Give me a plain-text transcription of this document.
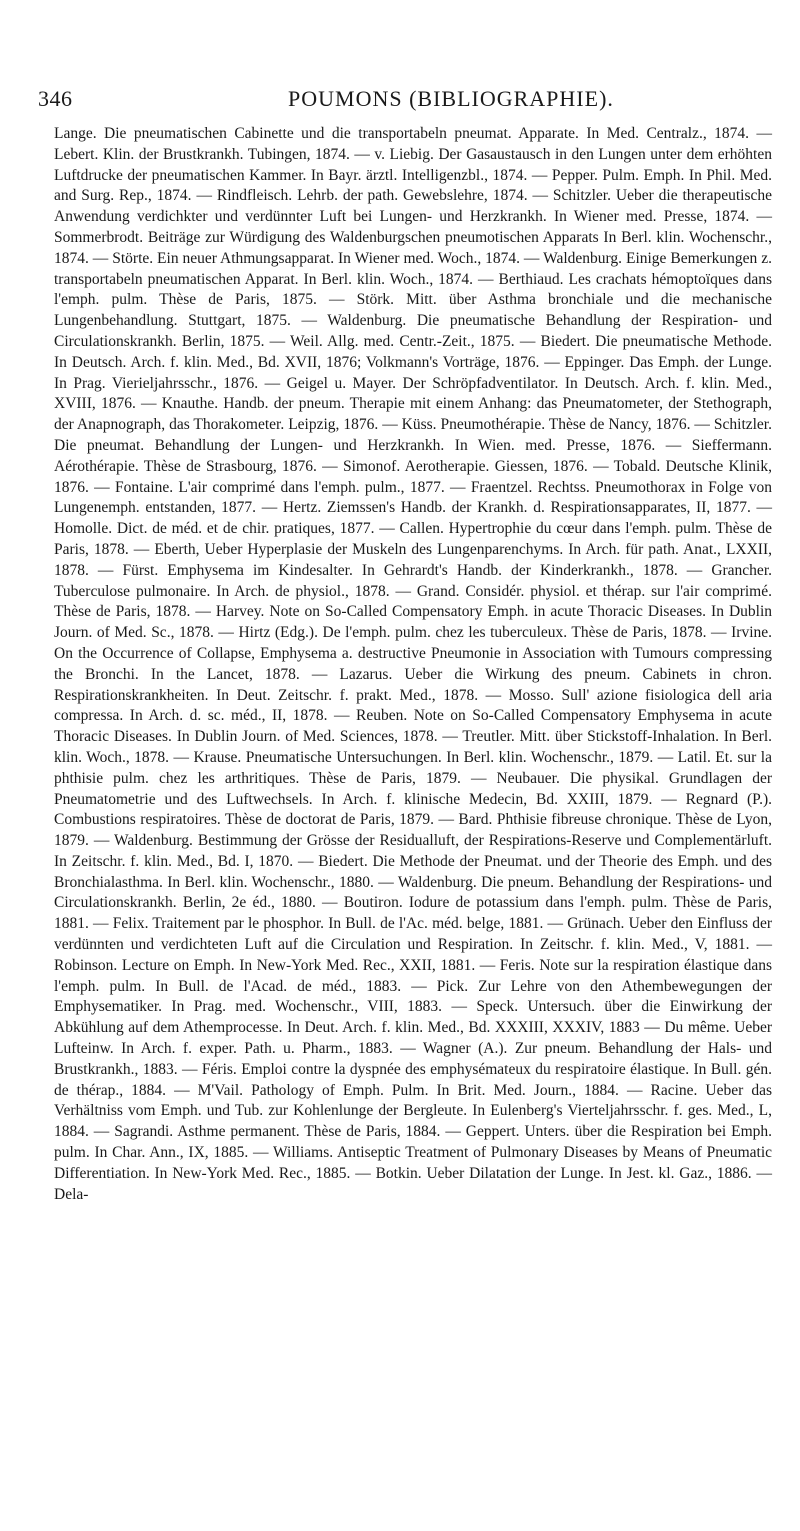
346	POUMONS (BIBLIOGRAPHIE).

Lange. Die pneumatischen Cabinette und die transportabeln pneumat. Apparate. In Med. Centralz., 1874. — Lebert. Klin. der Brustkrankh. Tubingen, 1874. — v. Liebig. Der Gasaustausch in den Lungen unter dem erhöhten Luftdrucke der pneumatischen Kammer. In Bayr. ärztl. Intelligenzbl., 1874. — Pepper. Pulm. Emph. In Phil. Med. and Surg. Rep., 1874. — Rindfleisch. Lehrb. der path. Gewebslehre, 1874. — Schitzler. Ueber die therapeutische Anwendung verdichkter und verdünnter Luft bei Lungen- und Herzkrankh. In Wiener med. Presse, 1874. — Sommerbrodt. Beiträge zur Würdigung des Waldenburgschen pneumotischen Apparats In Berl. klin. Wochenschr., 1874. — Störte. Ein neuer Athmungsapparat. In Wiener med. Woch., 1874. — Waldenburg. Einige Bemerkungen z. transportabeln pneumatischen Apparat. In Berl. klin. Woch., 1874. — Berthiaud. Les crachats hémoptoïques dans l'emph. pulm. Thèse de Paris, 1875. — Störk. Mitt. über Asthma bronchiale und die mechanische Lungenbehandlung. Stuttgart, 1875. — Waldenburg. Die pneumatische Behandlung der Respiration- und Circulationskrankh. Berlin, 1875. — Weil. Allg. med. Centr.-Zeit., 1875. — Biedert. Die pneumatische Methode. In Deutsch. Arch. f. klin. Med., Bd. XVII, 1876; Volkmann's Vorträge, 1876. — Eppinger. Das Emph. der Lunge. In Prag. Vierieljahrsschr., 1876. — Geigel u. Mayer. Der Schröpfadventilator. In Deutsch. Arch. f. klin. Med., XVIII, 1876. — Knauthe. Handb. der pneum. Therapie mit einem Anhang: das Pneumatometer, der Stethograph, der Anapnograph, das Thorakometer. Leipzig, 1876. — Küss. Pneumothérapie. Thèse de Nancy, 1876. — Schitzler. Die pneumat. Behandlung der Lungen- und Herzkrankh. In Wien. med. Presse, 1876. — Sieffermann. Aérothérapie. Thèse de Strasbourg, 1876. — Simonof. Aerotherapie. Giessen, 1876. — Tobald. Deutsche Klinik, 1876. — Fontaine. L'air comprimé dans l'emph. pulm., 1877. — Fraentzel. Rechtss. Pneumothorax in Folge von Lungenemph. entstanden, 1877. — Hertz. Ziemssen's Handb. der Krankh. d. Respirationsapparates, II, 1877. — Homolle. Dict. de méd. et de chir. pratiques, 1877. — Callen. Hypertrophie du cœur dans l'emph. pulm. Thèse de Paris, 1878. — Eberth, Ueber Hyperplasie der Muskeln des Lungenparenchyms. In Arch. für path. Anat., LXXII, 1878. — Fürst. Emphysema im Kindesalter. In Gehrardt's Handb. der Kinderkrankh., 1878. — Grancher. Tuberculose pulmonaire. In Arch. de physiol., 1878. — Grand. Considér. physiol. et thérap. sur l'air comprimé. Thèse de Paris, 1878. — Harvey. Note on So-Called Compensatory Emph. in acute Thoracic Diseases. In Dublin Journ. of Med. Sc., 1878. — Hirtz (Edg.). De l'emph. pulm. chez les tuberculeux. Thèse de Paris, 1878. — Irvine. On the Occurrence of Collapse, Emphysema a. destructive Pneumonie in Association with Tumours compressing the Bronchi. In the Lancet, 1878. — Lazarus. Ueber die Wirkung des pneum. Cabinets in chron. Respirationskrankheiten. In Deut. Zeitschr. f. prakt. Med., 1878. — Mosso. Sull' azione fisiologica dell aria compressa. In Arch. d. sc. méd., II, 1878. — Reuben. Note on So-Called Compensatory Emphysema in acute Thoracic Diseases. In Dublin Journ. of Med. Sciences, 1878. — Treutler. Mitt. über Stickstoff-Inhalation. In Berl. klin. Woch., 1878. — Krause. Pneumatische Untersuchungen. In Berl. klin. Wochenschr., 1879. — Latil. Et. sur la phthisie pulm. chez les arthritiques. Thèse de Paris, 1879. — Neubauer. Die physikal. Grundlagen der Pneumatometrie und des Luftwechsels. In Arch. f. klinische Medecin, Bd. XXIII, 1879. — Regnard (P.). Combustions respiratoires. Thèse de doctorat de Paris, 1879. — Bard. Phthisie fibreuse chronique. Thèse de Lyon, 1879. — Waldenburg. Bestimmung der Grösse der Residualluft, der Respirations-Reserve und Complementärluft. In Zeitschr. f. klin. Med., Bd. I, 1870. — Biedert. Die Methode der Pneumat. und der Theorie des Emph. und des Bronchialasthma. In Berl. klin. Wochenschr., 1880. — Waldenburg. Die pneum. Behandlung der Respirations- und Circulationskrankh. Berlin, 2e éd., 1880. — Boutiron. Iodure de potassium dans l'emph. pulm. Thèse de Paris, 1881. — Felix. Traitement par le phosphor. In Bull. de l'Ac. méd. belge, 1881. — Grünach. Ueber den Einfluss der verdünnten und verdichteten Luft auf die Circulation und Respiration. In Zeitschr. f. klin. Med., V, 1881. — Robinson. Lecture on Emph. In New-York Med. Rec., XXII, 1881. — Feris. Note sur la respiration élastique dans l'emph. pulm. In Bull. de l'Acad. de méd., 1883. — Pick. Zur Lehre von den Athembewegungen der Emphysematiker. In Prag. med. Wochenschr., VIII, 1883. — Speck. Untersuch. über die Einwirkung der Abkühlung auf dem Athemprocesse. In Deut. Arch. f. klin. Med., Bd. XXXIII, XXXIV, 1883 — Du même. Ueber Lufteinw. In Arch. f. exper. Path. u. Pharm., 1883. — Wagner (A.). Zur pneum. Behandlung der Hals- und Brustkrankh., 1883. — Féris. Emploi contre la dyspnée des emphysémateux du respiratoire élastique. In Bull. gén. de thérap., 1884. — M'Vail. Pathology of Emph. Pulm. In Brit. Med. Journ., 1884. — Racine. Ueber das Verhältniss vom Emph. und Tub. zur Kohlenlunge der Bergleute. In Eulenberg's Vierteljahrsschr. f. ges. Med., L, 1884. — Sagrandi. Asthme permanent. Thèse de Paris, 1884. — Geppert. Unters. über die Respiration bei Emph. pulm. In Char. Ann., IX, 1885. — Williams. Antiseptic Treatment of Pulmonary Diseases by Means of Pneumatic Differentiation. In New-York Med. Rec., 1885. — Botkin. Ueber Dilatation der Lunge. In Jest. kl. Gaz., 1886. — Dela-
